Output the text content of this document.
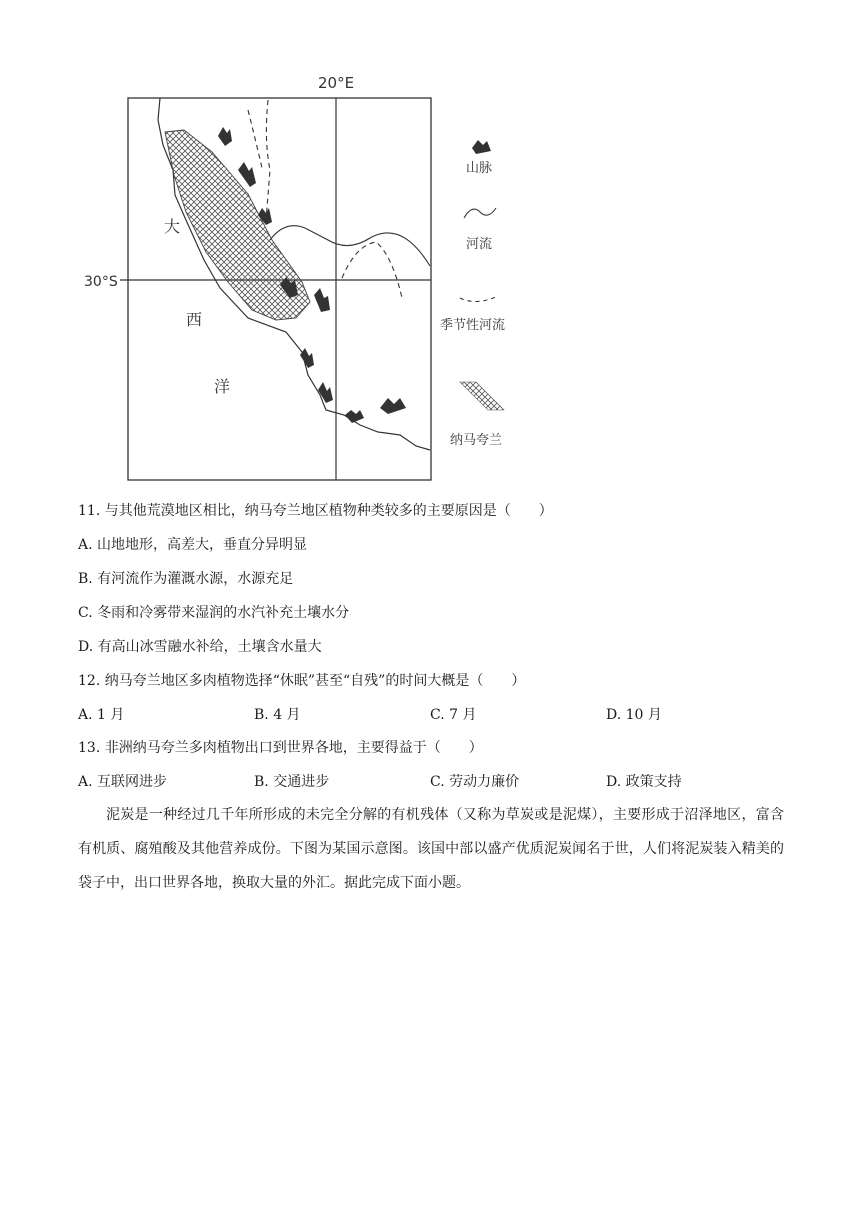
20°E
30°S
大
西
洋
山脉
河流
季节性河流
纳马夸兰
11. 与其他荒漠地区相比，纳马夸兰地区植物种类较多的主要原因是（　　）
A. 山地地形，高差大，垂直分异明显
B. 有河流作为灌溉水源，水源充足
C. 冬雨和冷雾带来湿润的水汽补充土壤水分
D. 有高山冰雪融水补给，土壤含水量大
12. 纳马夸兰地区多肉植物选择“休眠”甚至“自残”的时间大概是（　　）
A. 1 月	B. 4 月	C. 7 月	D. 10 月
13. 非洲纳马夸兰多肉植物出口到世界各地，主要得益于（　　）
A. 互联网进步	B. 交通进步	C. 劳动力廉价	D. 政策支持
泥炭是一种经过几千年所形成的未完全分解的有机残体（又称为草炭或是泥煤），主要形成于沼泽地区，富含有机质、腐殖酸及其他营养成份。下图为某国示意图。该国中部以盛产优质泥炭闻名于世，人们将泥炭装入精美的袋子中，出口世界各地，换取大量的外汇。据此完成下面小题。
